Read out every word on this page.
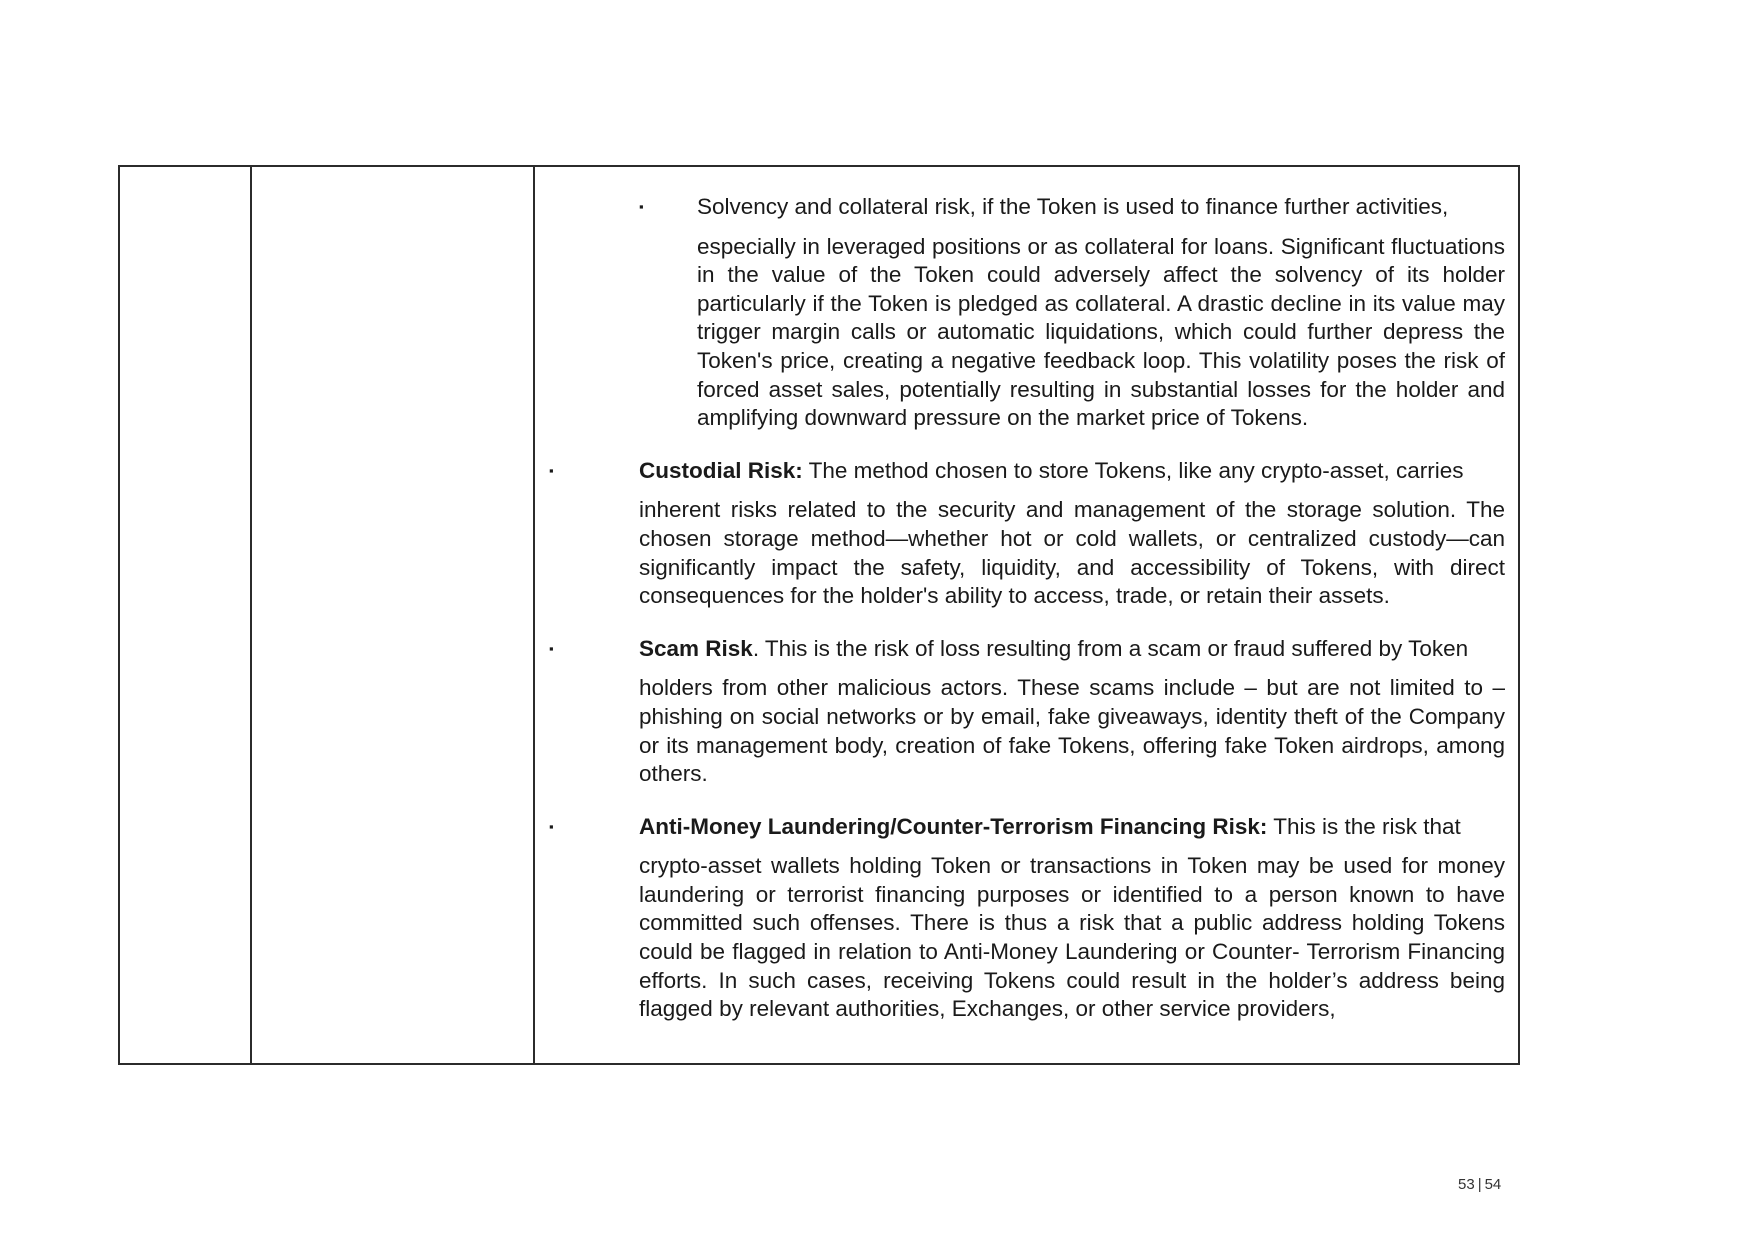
▪ Solvency and collateral risk, if the Token is used to finance further activities,
especially in leveraged positions or as collateral for loans. Significant fluctuations in the value of the Token could adversely affect the solvency of its holder particularly if the Token is pledged as collateral. A drastic decline in its value may trigger margin calls or automatic liquidations, which could further depress the Token's price, creating a negative feedback loop. This volatility poses the risk of forced asset sales, potentially resulting in substantial losses for the holder and amplifying downward pressure on the market price of Tokens.
▪	Custodial Risk: The method chosen to store Tokens, like any crypto-asset, carries
inherent risks related to the security and management of the storage solution. The chosen storage method—whether hot or cold wallets, or centralized custody—can significantly impact the safety, liquidity, and accessibility of Tokens, with direct consequences for the holder's ability to access, trade, or retain their assets.
▪	Scam Risk. This is the risk of loss resulting from a scam or fraud suffered by Token
holders from other malicious actors. These scams include – but are not limited to – phishing on social networks or by email, fake giveaways, identity theft of the Company or its management body, creation of fake Tokens, offering fake Token airdrops, among others.
▪	Anti-Money Laundering/Counter-Terrorism Financing Risk: This is the risk that
crypto-asset wallets holding Token or transactions in Token may be used for money laundering or terrorist financing purposes or identified to a person known to have committed such offenses. There is thus a risk that a public address holding Tokens could be flagged in relation to Anti-Money Laundering or Counter- Terrorism Financing efforts. In such cases, receiving Tokens could result in the holder’s address being flagged by relevant authorities, Exchanges, or other service providers,
53 | 54
